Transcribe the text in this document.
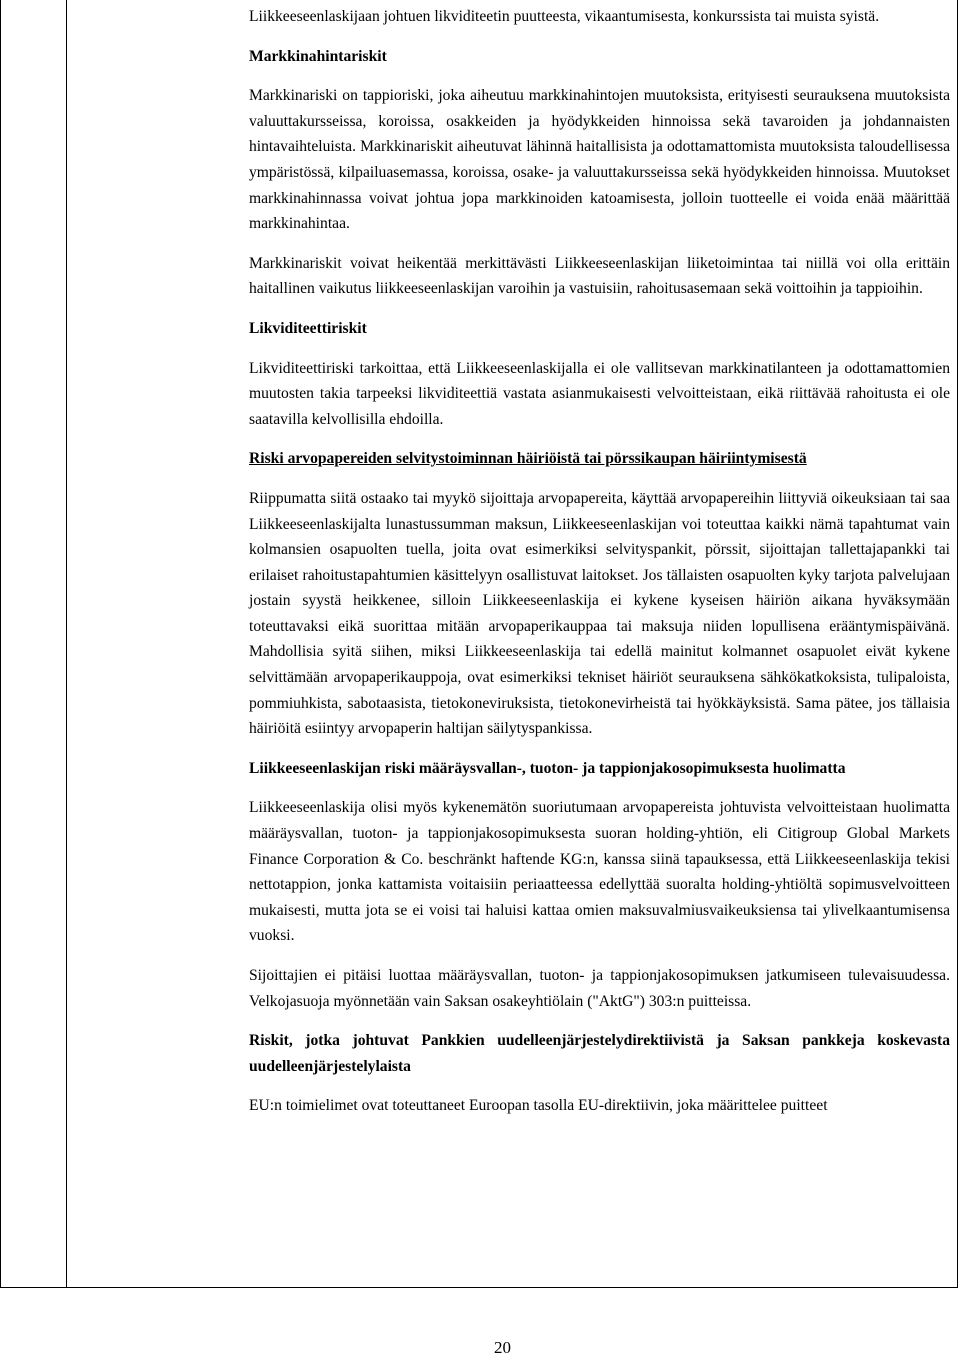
Liikkeeseenlaskijaan johtuen likviditeetin puutteesta, vikaantumisesta, konkurssista tai muista syistä.

Markkinahintariskit

Markkinariski on tappioriski, joka aiheutuu markkinahintojen muutoksista, erityisesti seurauksena muutoksista valuuttakursseissa, koroissa, osakkeiden ja hyödykkeiden hinnoissa sekä tavaroiden ja johdannaisten hintavaihteluista. Markkinariskit aiheutuvat lähinnä haitallisista ja odottamattomista muutoksista taloudellisessa ympäristössä, kilpailuasemassa, koroissa, osake- ja valuuttakursseissa sekä hyödykkeiden hinnoissa. Muutokset markkinahinnassa voivat johtua jopa markkinoiden katoamisesta, jolloin tuotteelle ei voida enää määrittää markkinahintaa.

Markkinariskit voivat heikentää merkittävästi Liikkeeseenlaskijan liiketoimintaa tai niillä voi olla erittäin haitallinen vaikutus liikkeeseenlaskijan varoihin ja vastuisiin, rahoitusasemaan sekä voittoihin ja tappioihin.

Likviditeettiriskit

Likviditeettiriski tarkoittaa, että Liikkeeseenlaskijalla ei ole vallitsevan markkinatilanteen ja odottamattomien muutosten takia tarpeeksi likviditeettiä vastata asianmukaisesti velvoitteistaan, eikä riittävää rahoitusta ei ole saatavilla kelvollisilla ehdoilla.

Riski arvopapereiden selvitystoiminnan häiriöistä tai pörssikaupan häiriintymisestä

Riippumatta siitä ostaako tai myykö sijoittaja arvopapereita, käyttää arvopapereihin liittyviä oikeuksiaan tai saa Liikkeeseenlaskijalta lunastussumman maksun, Liikkeeseenlaskijan voi toteuttaa kaikki nämä tapahtumat vain kolmansien osapuolten tuella, joita ovat esimerkiksi selvityspankit, pörssit, sijoittajan tallettajapankki tai erilaiset rahoitustapahtumien käsittelyyn osallistuvat laitokset. Jos tällaisten osapuolten kyky tarjota palvelujaan jostain syystä heikkenee, silloin Liikkeeseenlaskija ei kykene kyseisen häiriön aikana hyväksymään toteuttavaksi eikä suorittaa mitään arvopaperikauppaa tai maksuja niiden lopullisena erääntymispäivänä. Mahdollisia syitä siihen, miksi Liikkeeseenlaskija tai edellä mainitut kolmannet osapuolet eivät kykene selvittämään arvopaperikauppoja, ovat esimerkiksi tekniset häiriöt seurauksena sähkökatkoksista, tulipaloista, pommiuhkista, sabotaasista, tietokoneviruksista, tietokonevirheistä tai hyökkäyksistä. Sama pätee, jos tällaisia häiriöitä esiintyy arvopaperin haltijan säilytyspankissa.

Liikkeeseenlaskijan riski määräysvallan-, tuoton- ja tappionjakosopimuksesta huolimatta

Liikkeeseenlaskija olisi myös kykenemätön suoriutumaan arvopapereista johtuvista velvoitteistaan huolimatta määräysvallan, tuoton- ja tappionjakosopimuksesta suoran holding-yhtiön, eli Citigroup Global Markets Finance Corporation & Co. beschränkt haftende KG:n, kanssa siinä tapauksessa, että Liikkeeseenlaskija tekisi nettotappion, jonka kattamista voitaisiin periaatteessa edellyttää suoralta holding-yhtiöltä sopimusvelvoitteen mukaisesti, mutta jota se ei voisi tai haluisi kattaa omien maksuvalmiusvaikeuksiensa tai ylivelkaantumisensa vuoksi.

Sijoittajien ei pitäisi luottaa määräysvallan, tuoton- ja tappionjakosopimuksen jatkumiseen tulevaisuudessa. Velkojasuoja myönnetään vain Saksan osakeyhtiölain ("AktG") 303:n puitteissa.

Riskit, jotka johtuvat Pankkien uudelleenjärjestelydirektiivistä ja Saksan pankkeja koskevasta uudelleenjärjestelylaista

EU:n toimielimet ovat toteuttaneet Euroopan tasolla EU-direktiivin, joka määrittelee puitteet

20
